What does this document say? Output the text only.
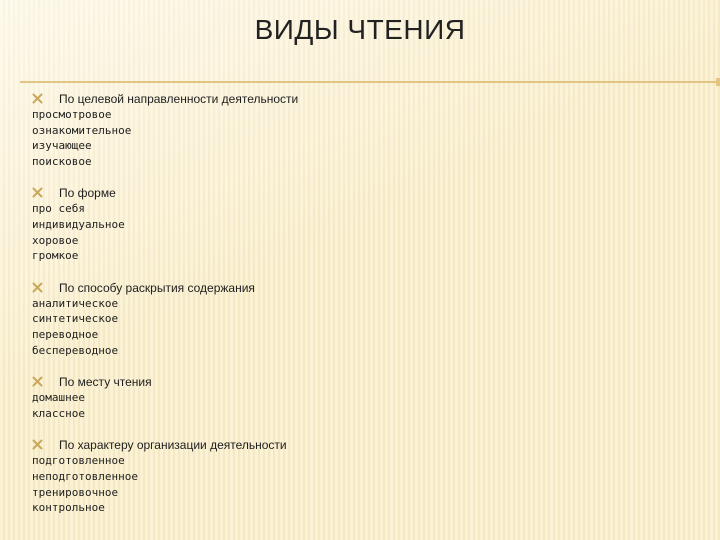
ВИДЫ ЧТЕНИЯ
По целевой направленности деятельности
просмотровое
ознакомительное
изучающее
поисковое
По форме
про себя
индивидуальное
хоровое
громкое
По способу раскрытия содержания
аналитическое
синтетическое
переводное
беспереводное
По месту чтения
домашнее
классное
По характеру организации деятельности
подготовленное
неподготовленное
тренировочное
контрольное
